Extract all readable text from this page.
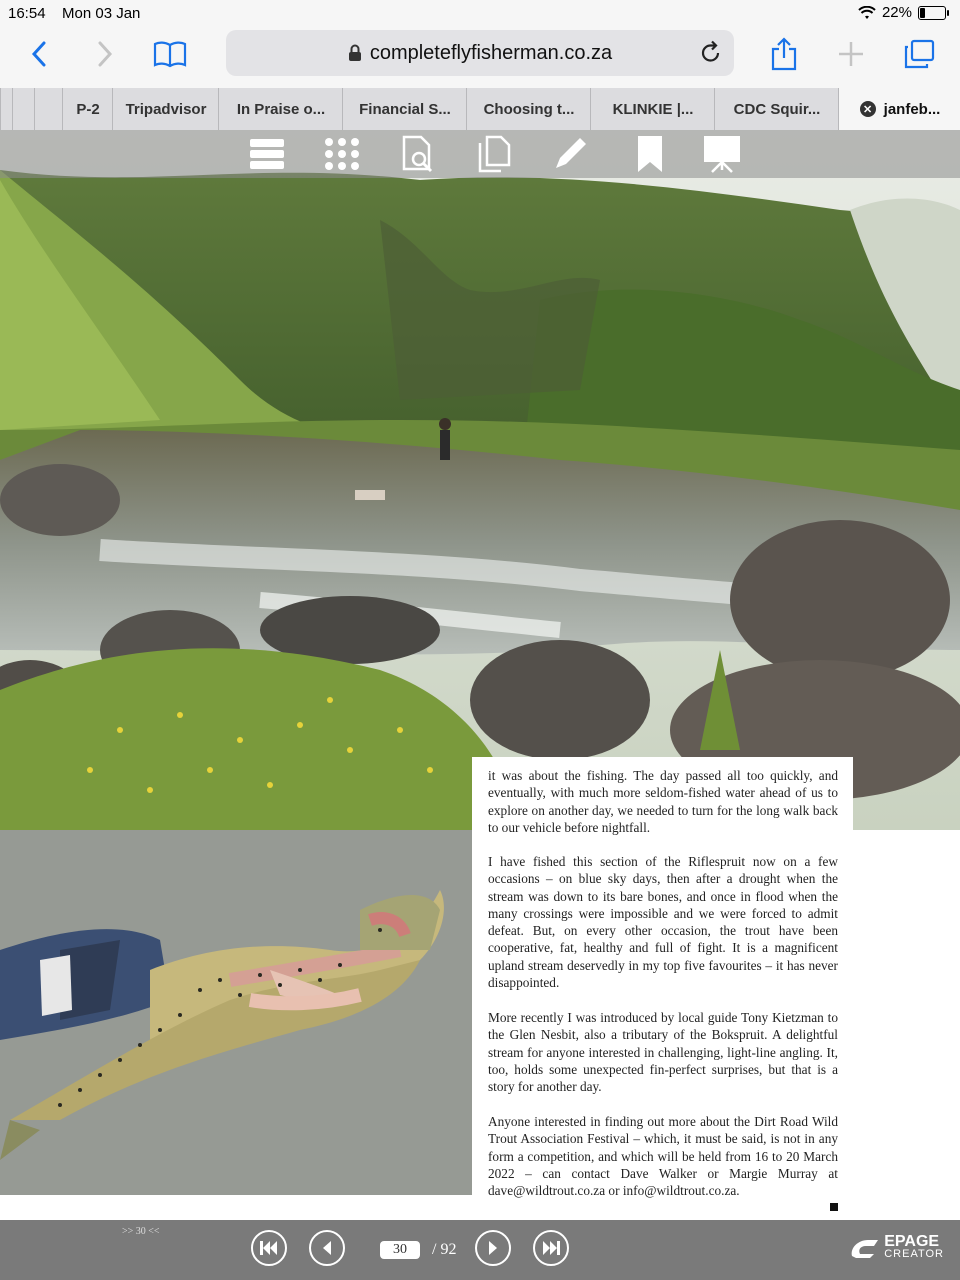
16:54 Mon 03 Jan	22%
completeflyfisherman.co.za
P-2 Tripadvisor In Praise o... Financial S... Choosing t...	KLINKIE |...	CDC Squir...	✕ janfeb...
it was about the fishing. The day passed all too quickly, and eventually, with much more seldom-fished water ahead of us to explore on another day, we needed to turn for the long walk back to our vehicle before nightfall.
I have fished this section of the Riflespruit now on a few occasions – on blue sky days, then after a drought when the stream was down to its bare bones, and once in flood when the many crossings were impossible and we were forced to admit defeat. But, on every other occasion, the trout have been cooperative, fat, healthy and full of fight. It is a magnificent upland stream deservedly in my top five favourites – it has never disappointed.
More recently I was introduced by local guide Tony Kietzman to the Glen Nesbit, also a tributary of the Bokspruit. A delightful stream for anyone interested in challenging, light-line angling. It, too, holds some unexpected fin-perfect surprises, but that is a story for another day.
Anyone interested in finding out more about the Dirt Road Wild Trout Association Festival – which, it must be said, is not in any form a competition, and which will be held from 16 to 20 March 2022 – can contact Dave Walker or Margie Murray at dave@wildtrout.co.za or info@wildtrout.co.za.
>> 30 <<
30	/ 92	EPAGE
CREATOR
